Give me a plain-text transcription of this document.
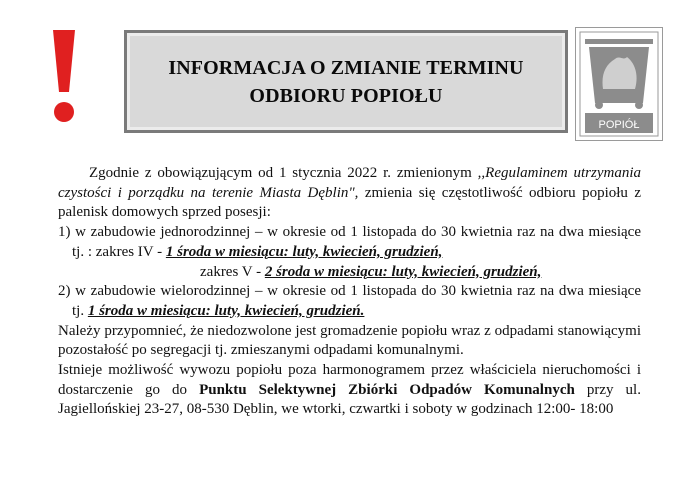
INFORMACJA O ZMIANIE TERMINU
ODBIORU POPIOŁU
POPIÓŁ

Zgodnie z obowiązującym od 1 stycznia 2022 r. zmienionym ,,Regulaminem utrzymania czystości i porządku na terenie Miasta Dęblin", zmienia się częstotliwość odbioru popiołu z palenisk domowych sprzed posesji:

1) w zabudowie jednorodzinnej – w okresie od 1 listopada do 30 kwietnia raz na dwa miesiące tj. : zakres IV - 1 środa w miesiącu: luty, kwiecień, grudzień,

zakres V - 2 środa w miesiącu: luty, kwiecień, grudzień,

2) w zabudowie wielorodzinnej – w okresie od 1 listopada do 30 kwietnia raz na dwa miesiące tj. 1 środa w miesiącu: luty, kwiecień, grudzień.

Należy przypomnieć, że niedozwolone jest gromadzenie popiołu wraz z odpadami stanowiącymi pozostałość po segregacji tj. zmieszanymi odpadami komunalnymi.

Istnieje możliwość wywozu popiołu poza harmonogramem przez właściciela nieruchomości i dostarczenie go do Punktu Selektywnej Zbiórki Odpadów Komunalnych przy ul. Jagiellońskiej 23-27, 08-530 Dęblin, we wtorki, czwartki i soboty w godzinach 12:00- 18:00
